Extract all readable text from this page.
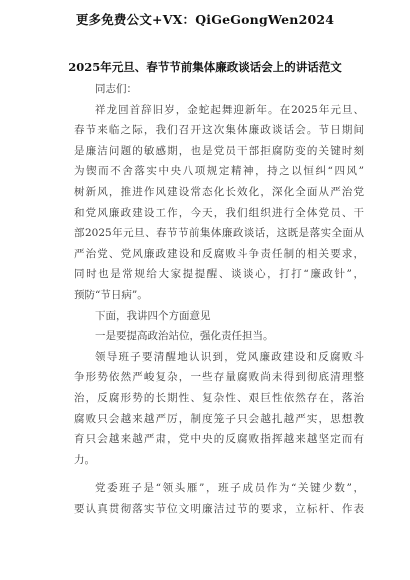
更多免费公文+VX：QiGeGongWen2024
2025年元旦、春节节前集体廉政谈话会上的讲话范文
同志们：
祥龙回首辞旧岁，金蛇起舞迎新年。在2025年元旦、
春节来临之际，我们召开这次集体廉政谈话会。节日期间
是廉洁问题的敏感期，也是党员干部拒腐防变的关键时刻
为锲而不舍落实中央八项规定精神，持之以恒纠“四风”
树新风，推进作风建设常态化长效化，深化全面从严治党
和党风廉政建设工作，今天，我们组织进行全体党员、干
部2025年元旦、春节节前集体廉政谈话，这既是落实全面从
严治党、党风廉政建设和反腐败斗争责任制的相关要求，
同时也是常规给大家提提醒、谈谈心，打打“廉政针”，
预防“节日病”。
下面，我讲四个方面意见
一是要提高政治站位，强化责任担当。
领导班子要清醒地认识到，党风廉政建设和反腐败斗
争形势依然严峻复杂，一些存量腐败尚未得到彻底清理整
治，反腐形势的长期性、复杂性、艰巨性依然存在，落治
腐败只会越来越严厉，制度笼子只会越扎越严实，思想教
育只会越来越严肃，党中央的反腐败指挥越来越坚定而有
力。
党委班子是“领头雁”，班子成员作为“关键少数”，
要认真贯彻落实节位文明廉洁过节的要求，立标杆、作表
